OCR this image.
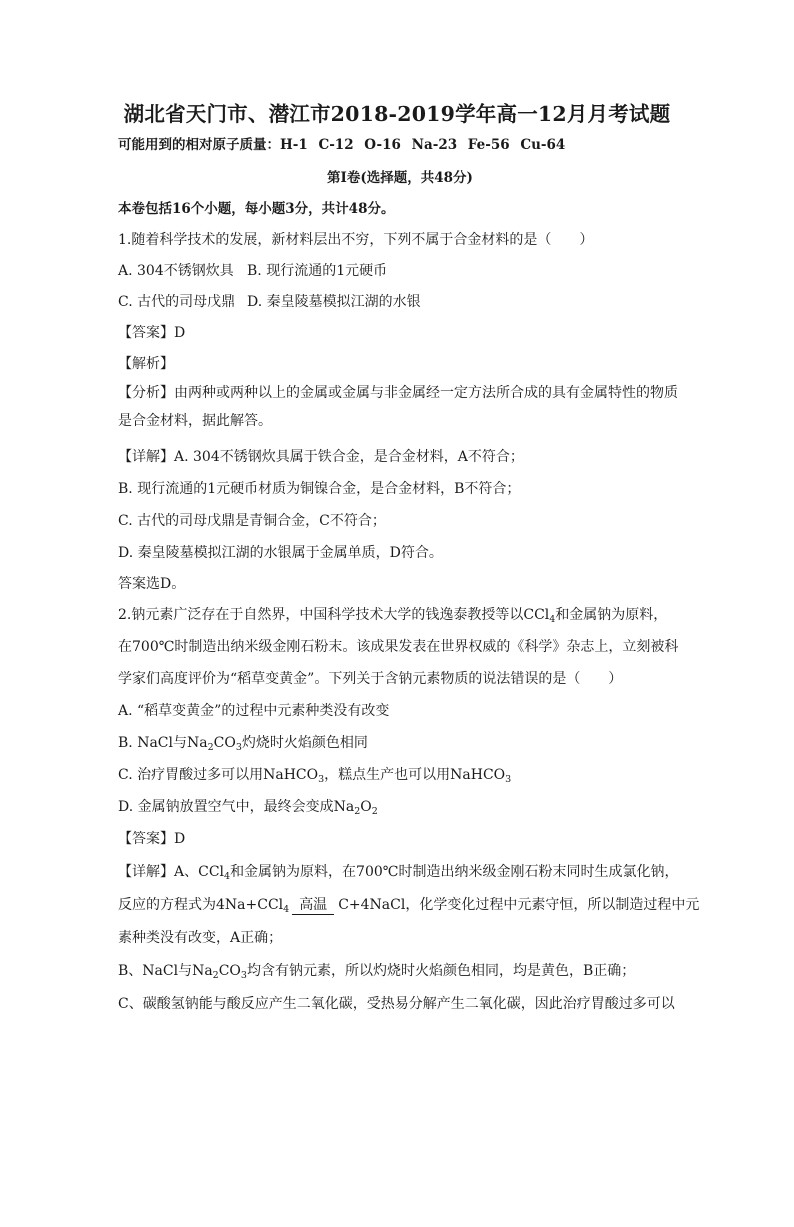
湖北省天门市、潜江市2018-2019学年高一12月月考试题
可能用到的相对原子质量：H-1 C-12 O-16 Na-23 Fe-56 Cu-64
第Ⅰ卷(选择题，共48分)
本卷包括16个小题，每小题3分，共计48分。
1.随着科学技术的发展，新材料层出不穷，下列不属于合金材料的是（　　）
A. 304不锈钢炊具 B. 现行流通的1元硬币
C. 古代的司母戊鼎 D. 秦皇陵墓模拟江湖的水银
【答案】D
【解析】
【分析】由两种或两种以上的金属或金属与非金属经一定方法所合成的具有金属特性的物质是合金材料，据此解答。
【详解】A. 304不锈钢炊具属于铁合金，是合金材料，A不符合；
B. 现行流通的1元硬币材质为铜镍合金，是合金材料，B不符合；
C. 古代的司母戊鼎是青铜合金，C不符合；
D. 秦皇陵墓模拟江湖的水银属于金属单质，D符合。
答案选D。
2.钠元素广泛存在于自然界，中国科学技术大学的钱逸泰教授等以CCl$_4$和金属钠为原料，
在700℃时制造出纳米级金刚石粉末。该成果发表在世界权威的《科学》杂志上，立刻被科
学家们高度评价为“稻草变黄金”。下列关于含钠元素物质的说法错误的是（　　）
A. “稻草变黄金”的过程中元素种类没有改变
B. NaCl与$Na_2CO_3$灼烧时火焰颜色相同
C. 治疗胃酸过多可以用NaHCO$_3$，糕点生产也可以用NaHCO$_3$
D. 金属钠放置空气中，最终会变成$Na_2O_2$
【答案】D
【详解】A、CCl$_4$和金属钠为原料，在700℃时制造出纳米级金刚石粉末同时生成氯化钠，
反应的方程式为4Na+CCl$_4$ 高温 C+4NaCl，化学变化过程中元素守恒，所以制造过程中元
素种类没有改变，A正确；
B、NaCl与$Na_2CO_3$均含有钠元素，所以灼烧时火焰颜色相同，均是黄色，B正确；
C、碳酸氢钠能与酸反应产生二氧化碳，受热易分解产生二氧化碳，因此治疗胃酸过多可以
